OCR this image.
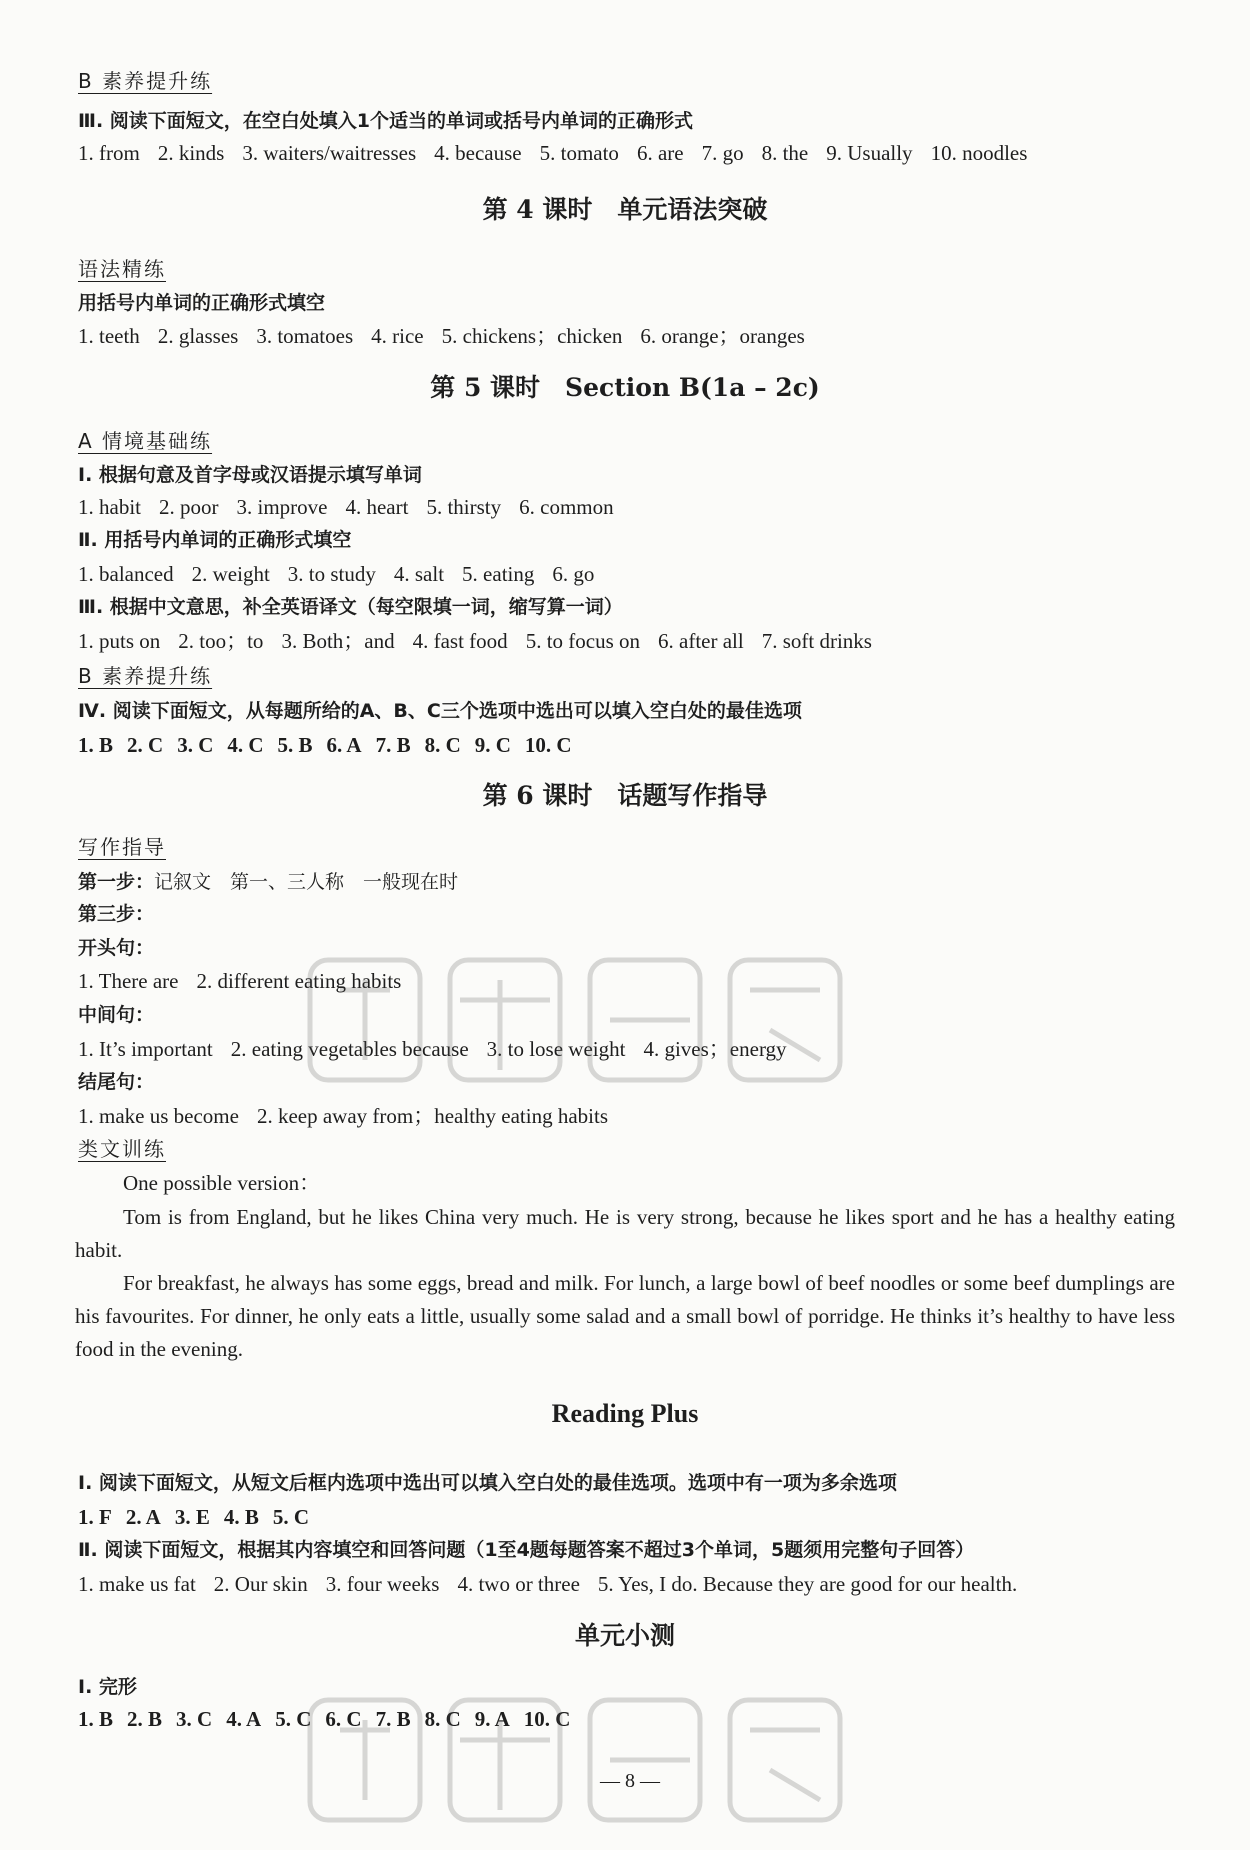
B 素养提升练
Ⅲ. 阅读下面短文，在空白处填入1个适当的单词或括号内单词的正确形式
1. from 2. kinds 3. waiters/waitresses 4. because 5. tomato 6. are 7. go 8. the 9. Usually 10. noodles
第 4 课时　单元语法突破
语法精练
用括号内单词的正确形式填空
1. teeth 2. glasses 3. tomatoes 4. rice 5. chickens；chicken 6. orange；oranges
第 5 课时　Section B(1a – 2c)
A 情境基础练
Ⅰ. 根据句意及首字母或汉语提示填写单词
1. habit 2. poor 3. improve 4. heart 5. thirsty 6. common
Ⅱ. 用括号内单词的正确形式填空
1. balanced 2. weight 3. to study 4. salt 5. eating 6. go
Ⅲ. 根据中文意思，补全英语译文（每空限填一词，缩写算一词）
1. puts on 2. too；to 3. Both；and 4. fast food 5. to focus on 6. after all 7. soft drinks
B 素养提升练
Ⅳ. 阅读下面短文，从每题所给的A、B、C三个选项中选出可以填入空白处的最佳选项
1. B 2. C 3. C 4. C 5. B 6. A 7. B 8. C 9. C 10. C
第 6 课时　话题写作指导
写作指导
第一步：记叙文　第一、三人称　一般现在时
第三步：
开头句：
1. There are 2. different eating habits
中间句：
1. It’s important 2. eating vegetables because 3. to lose weight 4. gives；energy
结尾句：
1. make us become 2. keep away from；healthy eating habits
类文训练
One possible version：
Tom is from England, but he likes China very much. He is very strong, because he likes sport and he has a healthy eating habit.
For breakfast, he always has some eggs, bread and milk. For lunch, a large bowl of beef noodles or some beef dumplings are his favourites. For dinner, he only eats a little, usually some salad and a small bowl of porridge. He thinks it’s healthy to have less food in the evening.
Reading Plus
Ⅰ. 阅读下面短文，从短文后框内选项中选出可以填入空白处的最佳选项。选项中有一项为多余选项
1. F 2. A 3. E 4. B 5. C
Ⅱ. 阅读下面短文，根据其内容填空和回答问题（1至4题每题答案不超过3个单词，5题须用完整句子回答）
1. make us fat 2. Our skin 3. four weeks 4. two or three 5. Yes, I do. Because they are good for our health.
单元小测
Ⅰ. 完形
1. B 2. B 3. C 4. A 5. C 6. C 7. B 8. C 9. A 10. C
— 8 —
